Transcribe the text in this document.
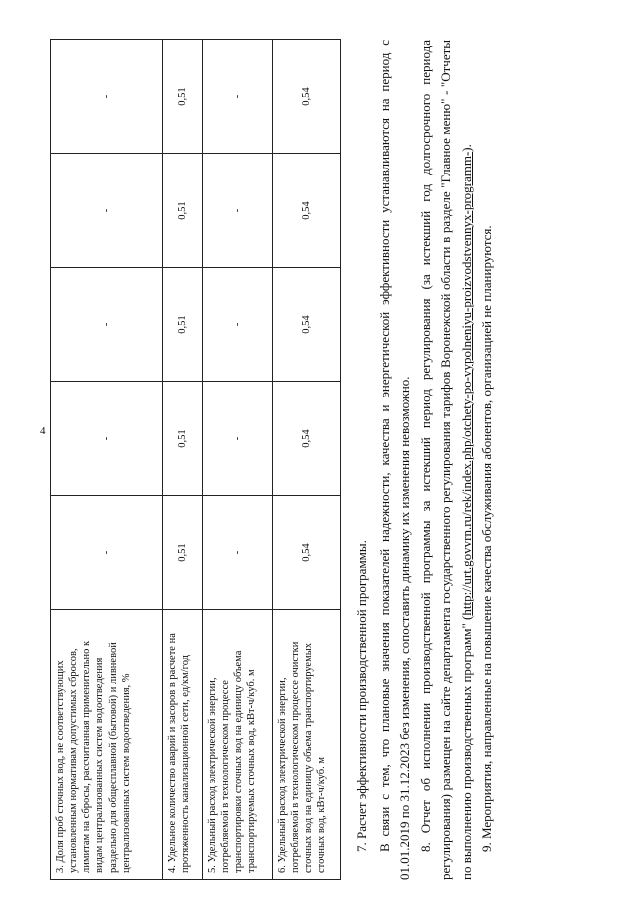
4
3. Доля проб сточных вод, не соответствующих установленным нормативам допустимых сбросов, лимитам на сбросы, рассчитанная применительно к видам централизованных систем водоотведения раздельно для общесплавной (бытовой) и ливневой централизованных систем водоотведения, %	-	-	-	-	-
4. Удельное количество аварий и засоров в расчете на протяженность канализационной сети, ед/км/год	0,51	0,51	0,51	0,51	0,51
5. Удельный расход электрической энергии, потребляемой в технологическом процессе транспортировки сточных вод на единицу объема транспортируемых сточных вод, кВт-ч/куб. м	-	-	-	-	-
6. Удельный расход электрической энергии, потребляемой в технологическом процессе очистки сточных вод на единицу объема транспортируемых сточных вод, кВт-ч/куб. м	0,54	0,54	0,54	0,54	0,54

7. Расчет эффективности производственной программы. В связи с тем, что плановые значения показателей надежности, качества и энергетической эффективности устанавливаются на период с 01.01.2019 по 31.12.2023 без изменения, сопоставить динамику их изменения невозможно. 8. Отчет об исполнении производственной программы за истекший период регулирования (за истекший год долгосрочного периода регулирования) размещен на сайте департамента государственного регулирования тарифов Воронежской области в разделе "Главное меню" - "Отчеты по выполнению производственных программ" (http://urt.govvrn.ru/rek/index.php/otchety-po-vypolneniyu-proizvodstvennyx-programm-).

9. Мероприятия, направленные на повышение качества обслуживания абонентов, организацией не планируются.
